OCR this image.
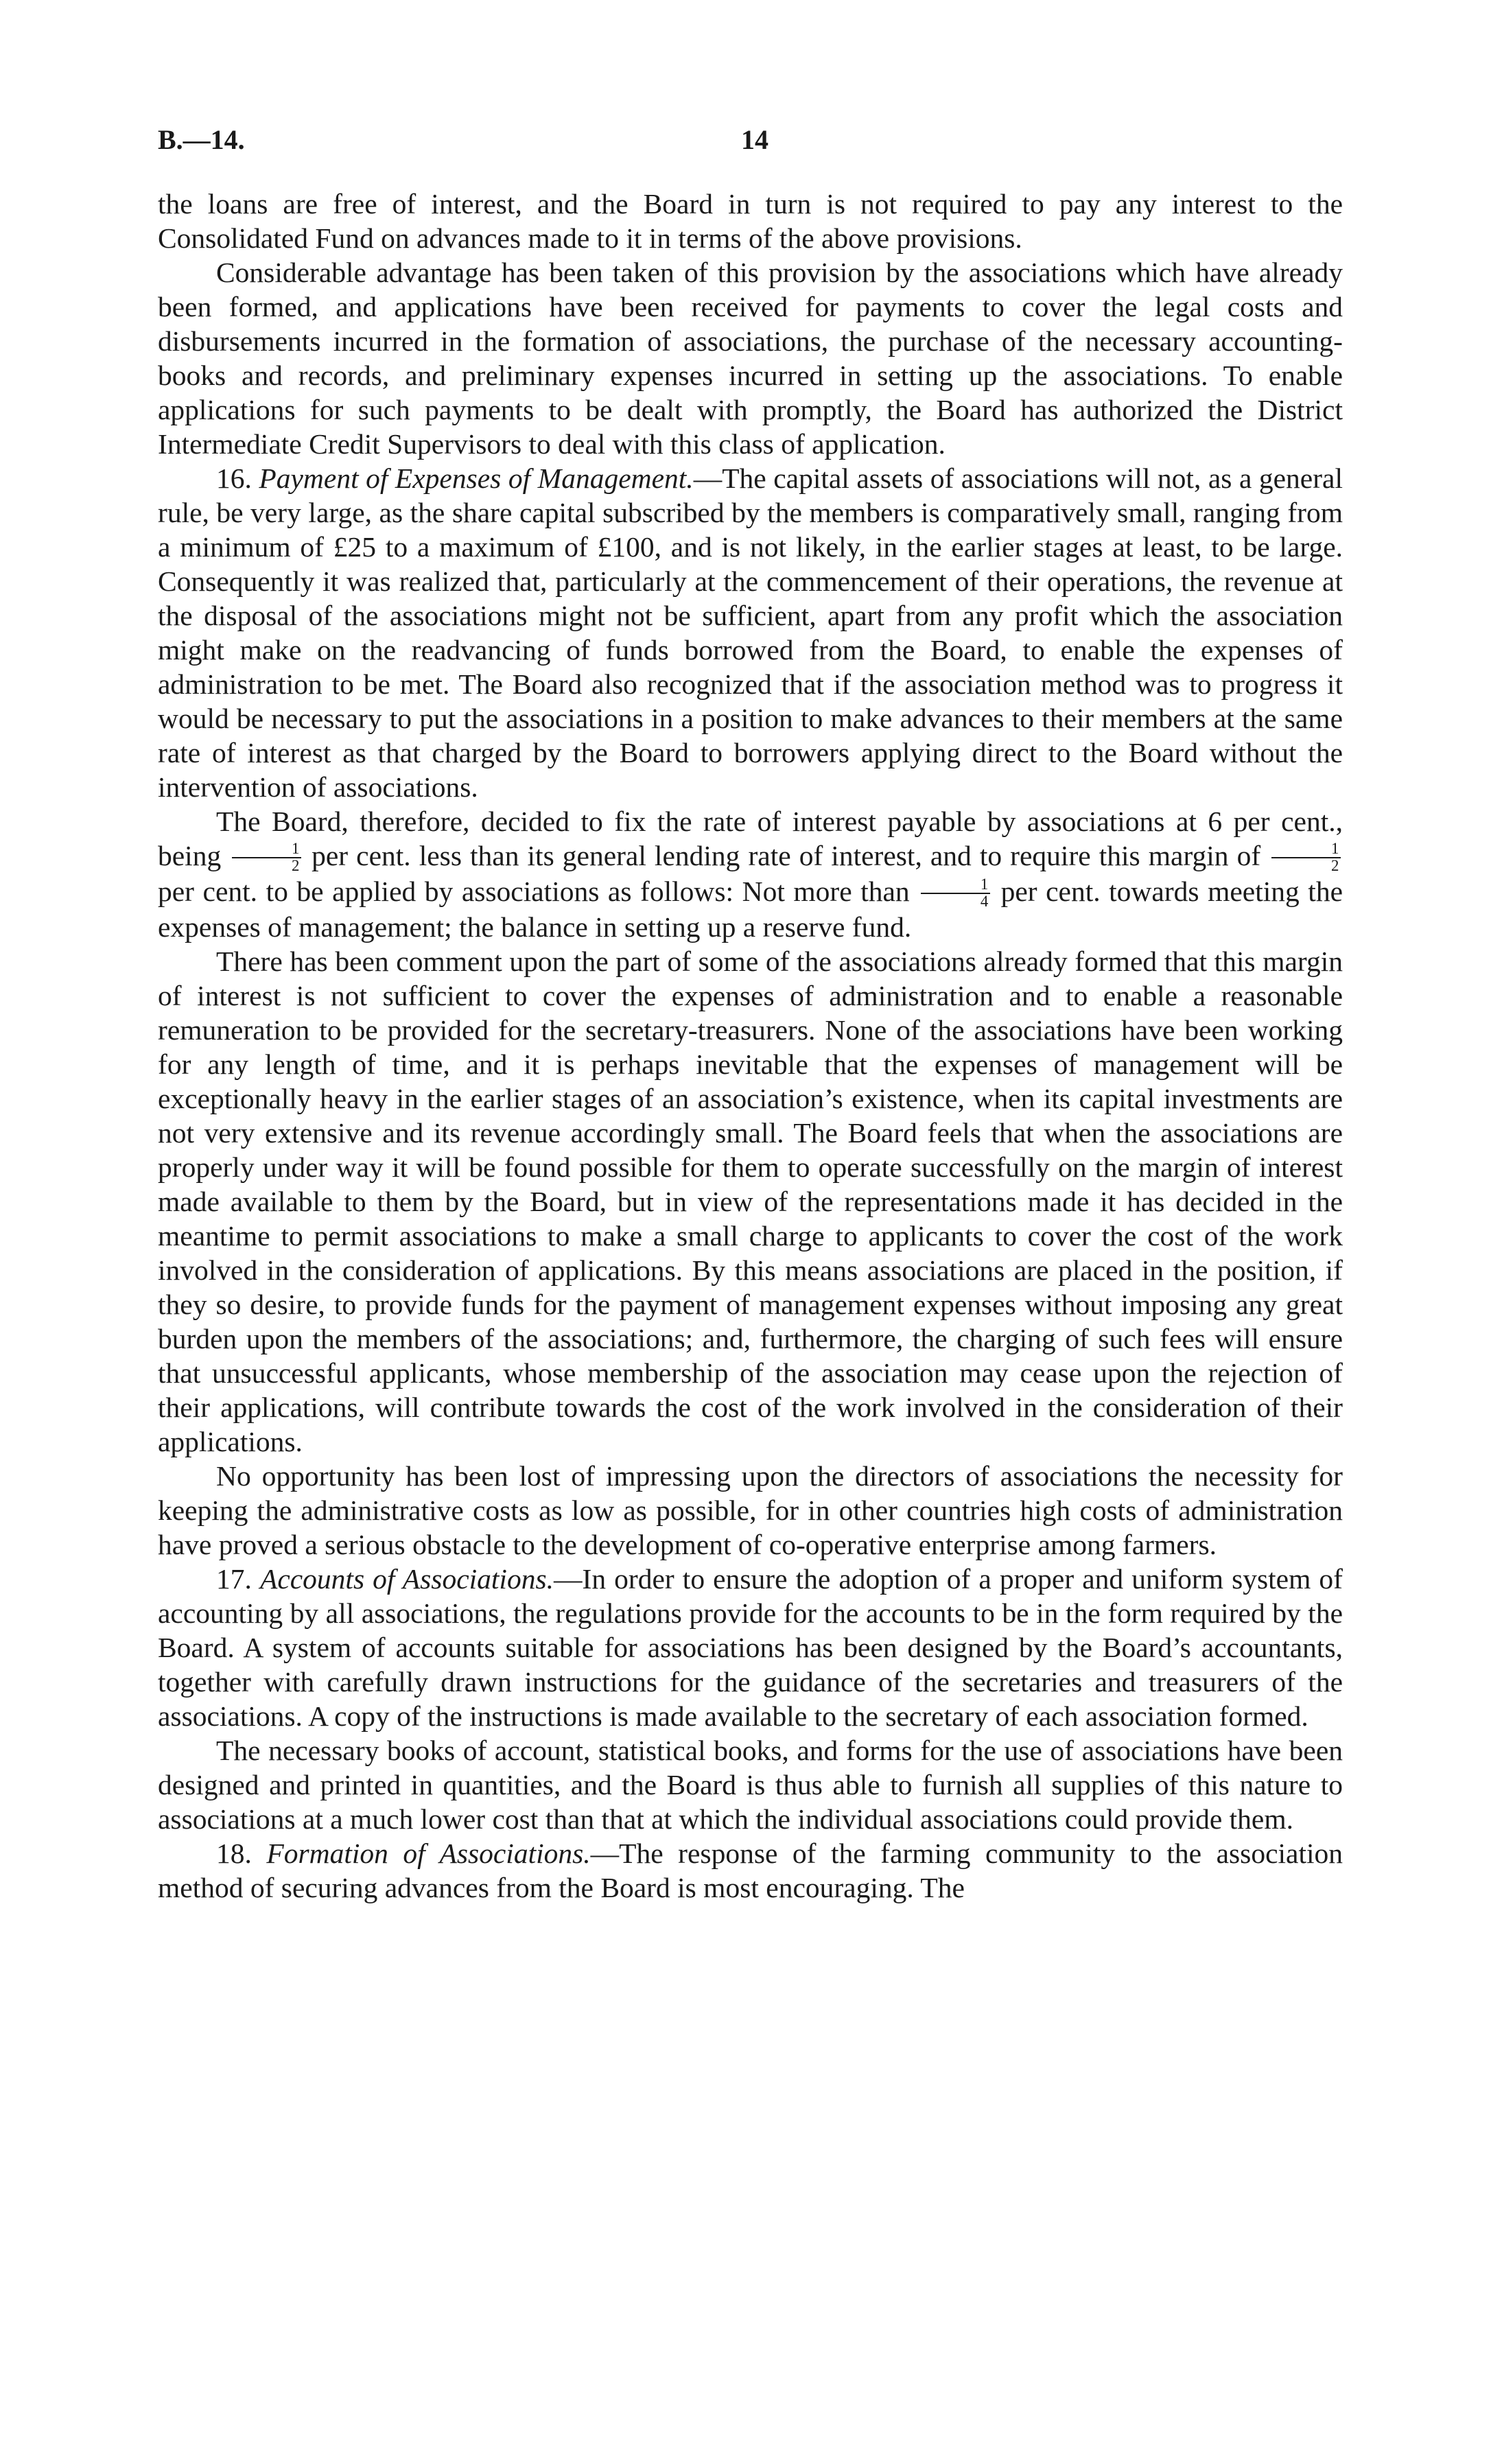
B.—14.	14

the loans are free of interest, and the Board in turn is not required to pay any interest to the Consolidated Fund on advances made to it in terms of the above provisions.

Considerable advantage has been taken of this provision by the associations which have already been formed, and applications have been received for payments to cover the legal costs and disbursements incurred in the formation of associations, the purchase of the necessary accounting-books and records, and preliminary expenses incurred in setting up the associations. To enable applications for such payments to be dealt with promptly, the Board has authorized the District Intermediate Credit Supervisors to deal with this class of application.

16. Payment of Expenses of Management.—The capital assets of associations will not, as a general rule, be very large, as the share capital subscribed by the members is comparatively small, ranging from a minimum of £25 to a maximum of £100, and is not likely, in the earlier stages at least, to be large. Consequently it was realized that, particularly at the commencement of their operations, the revenue at the disposal of the associations might not be sufficient, apart from any profit which the association might make on the readvancing of funds borrowed from the Board, to enable the expenses of administration to be met. The Board also recognized that if the association method was to progress it would be necessary to put the associations in a position to make advances to their members at the same rate of interest as that charged by the Board to borrowers applying direct to the Board without the intervention of associations.

The Board, therefore, decided to fix the rate of interest payable by associations at 6 per cent., being $\frac{1}{2}$ per cent. less than its general lending rate of interest, and to require this margin of $\frac{1}{2}$
per cent. to be applied by associations as follows: Not more than $\frac{1}{4}$ per cent. towards meeting the expenses of management; the balance in setting up a reserve fund.

There has been comment upon the part of some of the associations already formed that this margin of interest is not sufficient to cover the expenses of administration and to enable a reasonable remuneration to be provided for the secretary-treasurers. None of the associations have been working for any length of time, and it is perhaps inevitable that the expenses of management will be exceptionally heavy in the earlier stages of an association’s existence, when its capital investments are not very extensive and its revenue accordingly small. The Board feels that when the associations are properly under way it will be found possible for them to operate successfully on the margin of interest made available to them by the Board, but in view of the representations made it has decided in the meantime to permit associations to make a small charge to applicants to cover the cost of the work involved in the consideration of applications. By this means associations are placed in the position, if they so desire, to provide funds for the payment of management expenses without imposing any great burden upon the members of the associations; and, furthermore, the charging of such fees will ensure that unsuccessful applicants, whose membership of the association may cease upon the rejection of their applications, will contribute towards the cost of the work involved in the consideration of their applications.

No opportunity has been lost of impressing upon the directors of associations the necessity for keeping the administrative costs as low as possible, for in other countries high costs of administration have proved a serious obstacle to the development of co-operative enterprise among farmers.

17. Accounts of Associations.—In order to ensure the adoption of a proper and uniform system of accounting by all associations, the regulations provide for the accounts to be in the form required by the Board. A system of accounts suitable for associations has been designed by the Board’s accountants, together with carefully drawn instructions for the guidance of the secretaries and treasurers of the associations. A copy of the instructions is made available to the secretary of each association formed.

The necessary books of account, statistical books, and forms for the use of associations have been designed and printed in quantities, and the Board is thus able to furnish all supplies of this nature to associations at a much lower cost than that at which the individual associations could provide them.

18. Formation of Associations.—The response of the farming community to the association method of securing advances from the Board is most encouraging. The
